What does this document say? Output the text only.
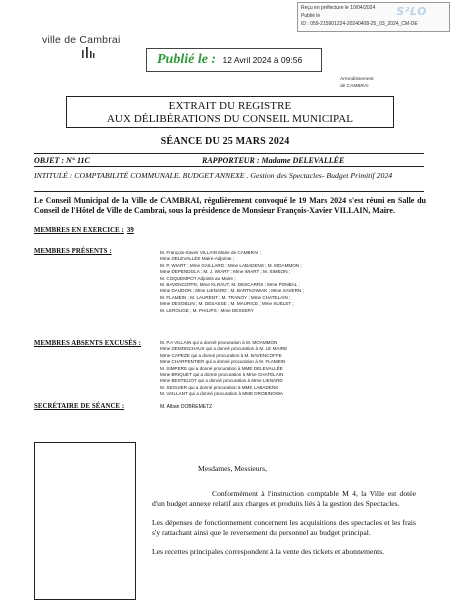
Reçu en préfecture le 10/04/2024
Publié le
ID : 059-215901224-20240408-25_03_2024_CM-DE
S²LO
ville de Cambrai
Publié le : 12 Avril 2024 à 09:56
Arrondissement
de CAMBRAI
EXTRAIT DU REGISTRE
AUX DÉLIBÉRATIONS DU CONSEIL MUNICIPAL
SÉANCE DU 25 MARS 2024
OBJET : N° 11C	RAPPORTEUR : Madame DELEVALLÉE
INTITULÉ : COMPTABILITÉ COMMUNALE. BUDGET ANNEXE . Gestion des Spectacles- Budget Primitif 2024
Le Conseil Municipal de la Ville de CAMBRAI, régulièrement convoqué le 19 Mars 2024 s'est réuni en Salle du Conseil de l'Hôtel de Ville de Cambrai, sous la présidence de Monsieur François-Xavier VILLAIN, Maire.
MEMBRES EN EXERCICE : 39
MEMBRES PRÉSENTS :	M. François-Xavier VILLAIN Maire de CAMBRAI ;
Mme DELEVALLÉE Maire-Adjointe ;
M. P. WIART ; Mme GAILLARD ; Mme LABADENS ; M. MOAMMON ;
Mme DEPENDOLA ; M. J. WIART ; Mme WIART ; M. SIMEON ;
M. COQUEMPOT Adjoints au Maire ;
M. BAVENCOFFE, Mme KLRAUT, M. DESCARRS ; Mme PONBAL ;
Mme DAUDON ; Mme LIENARD ; M. BARTKOWIAK ; Mme SAVERN ;
M. FLAMEIN ; M. LAURENT ; M. TRANOY ; Mme CHATELAIN ;
Mme DESOBLIN ; M. DESASSE ; M. MAURICE ; Mme SUELET ;
M. LEROUGE ; M. PHILIPS ; Mme DESSERY
MEMBRES ABSENTS EXCUSÉS :	M. P.A VILLAIN qui a donné procuration à M. MOAMMON
Mme DEMONCHAUX qui a donné procuration à M. LE MAIRE
Mme CAPEZE qui a donné procuration à M. BAVENCOFFE
Mme CHARPENTIER qui a donné procuration à M. FLAMEIN
M. SIMPERE qui a donné procuration à MME DELEVALLÉE
Mme BRIQUET qui a donné procuration à Mme CHATELAIN
Mme BESTELIOT qui a donné procuration à Mme LIENARD
M. SEGUIER qui a donné procuration à MME LABADENS
M. VAILLANT qui a donné procuration à MME DROBINOWA
SECRÉTAIRE DE SÉANCE :	M. Alban DOBREMETZ
Mesdames, Messieurs,

Conformément à l'instruction comptable M 4, la Ville est dotée d'un budget annexe relatif aux charges et produits liés à la gestion des Spectacles.

Les dépenses de fonctionnement concernent les acquisitions des spectacles et les frais s'y rattachant ainsi que le reversement du personnel au budget principal.

Les recettes principales correspondent à la vente des tickets et abonnements.
